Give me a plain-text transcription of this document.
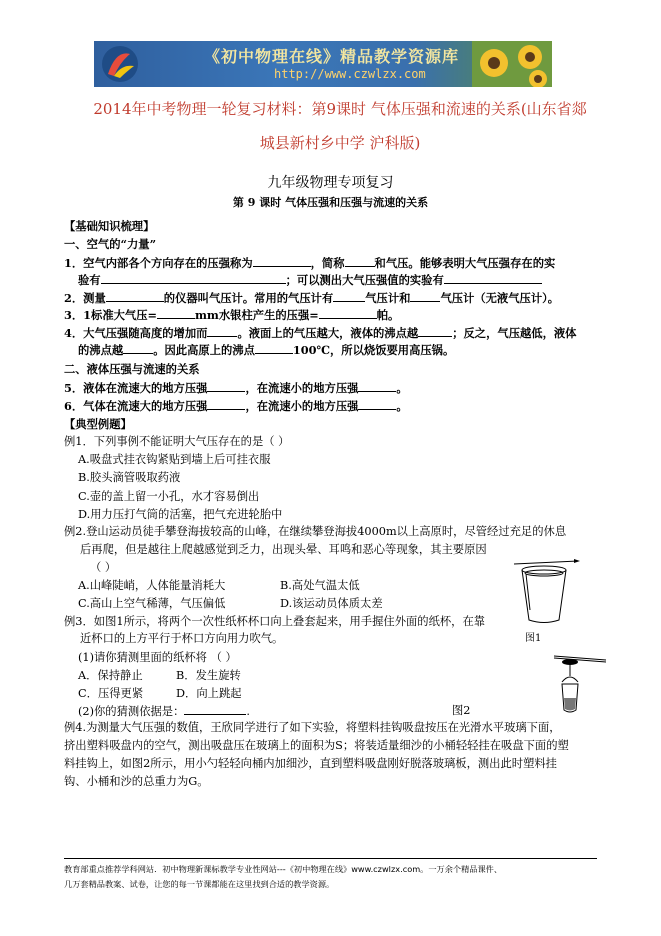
《初中物理在线》精品教学资源库
http://www.czwlzx.com
2014年中考物理一轮复习材料：第9课时 气体压强和流速的关系(山东省郯
城县新村乡中学 沪科版)
九年级物理专项复习
第 9 课时 气体压强和压强与流速的关系
【基础知识梳理】
一、空气的“力量”
1．空气内部各个方向存在的压强称为	，简称	和气压。能够表明大气压强存在的实
验有	；可以测出大气压强值的实验有
2．测量	的仪器叫气压计。常用的气压计有	气压计和	气压计（无液气压计）。
3．1标准大气压=	mm水银柱产生的压强=	帕。
4．大气压强随高度的增加而	。液面上的气压越大，液体的沸点越	；反之，气压越低，液体
的沸点越	。因此高原上的沸点	100℃，所以烧饭要用高压锅。
二、液体压强与流速的关系
5．液体在流速大的地方压强	，在流速小的地方压强	。
6．气体在流速大的地方压强	，在流速小的地方压强	。
【典型例题】
例1．下列事例不能证明大气压存在的是（ ）
A.吸盘式挂衣钩紧贴到墙上后可挂衣服
B.胶头滴管吸取药液
C.壶的盖上留一小孔，水才容易倒出
D.用力压打气筒的活塞，把气充进轮胎中
例2.登山运动员徒手攀登海拔较高的山峰，在继续攀登海拔4000m以上高原时，尽管经过充足的休息
后再爬，但是越往上爬越感觉到乏力，出现头晕、耳鸣和恶心等现象，其主要原因
（ ）
A.山峰陡峭，人体能量消耗大	B.高处气温太低
C.高山上空气稀薄，气压偏低	D.该运动员体质太差
例3．如图1所示，将两个一次性纸杯杯口向上叠套起来，用手握住外面的纸杯，在靠
近杯口的上方平行于杯口方向用力吹气。	图1
(1)请你猜测里面的纸杯将 （ ）
A．保持静止	B．发生旋转
C．压得更紧	D．向上跳起
(2)你的猜测依据是：	.	图2
例4.为测量大气压强的数值，王欣同学进行了如下实验，将塑料挂钩吸盘按压在光滑水平玻璃下面，
挤出塑料吸盘内的空气，测出吸盘压在玻璃上的面积为S；将装适量细沙的小桶轻轻挂在吸盘下面的塑
料挂钩上，如图2所示，用小勺轻轻向桶内加细沙，直到塑料吸盘刚好脱落玻璃板，测出此时塑料挂
钩、小桶和沙的总重力为G。
教育部重点推荐学科网站．初中物理新课标教学专业性网站---《初中物理在线》www.czwlzx.com。一万余个精品课件、
几万套精品教案、试卷，让您的每一节课都能在这里找到合适的教学资源。
